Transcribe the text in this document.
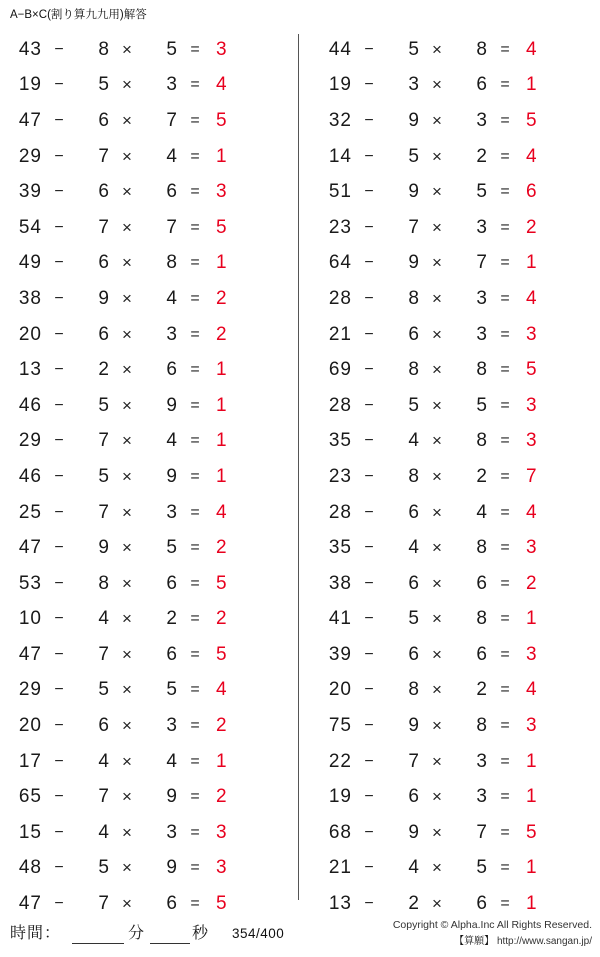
A−B×C(割り算九九用)解答
43 −	8 ×	5 = 3
19 −	5 ×	3 = 4
47 −	6 ×	7 = 5
29 −	7 ×	4 = 1
39 −	6 ×	6 = 3
54 −	7 ×	7 = 5
49 −	6 ×	8 = 1
38 −	9 ×	4 = 2
20 −	6 ×	3 = 2
13 −	2 ×	6 = 1
46 −	5 ×	9 = 1
29 −	7 ×	4 = 1
46 −	5 ×	9 = 1
25 −	7 ×	3 = 4
47 −	9 ×	5 = 2
53 −	8 ×	6 = 5
10 −	4 ×	2 = 2
47 −	7 ×	6 = 5
29 −	5 ×	5 = 4
20 −	6 ×	3 = 2
17 −	4 ×	4 = 1
65 −	7 ×	9 = 2
15 −	4 ×	3 = 3
48 −	5 ×	9 = 3
47 −	7 ×	6 = 5
44 −	5 ×	8 = 4
19 −	3 ×	6 = 1
32 −	9 ×	3 = 5
14 −	5 ×	2 = 4
51 −	9 ×	5 = 6
23 −	7 ×	3 = 2
64 −	9 ×	7 = 1
28 −	8 ×	3 = 4
21 −	6 ×	3 = 3
69 −	8 ×	8 = 5
28 −	5 ×	5 = 3
35 −	4 ×	8 = 3
23 −	8 ×	2 = 7
28 −	6 ×	4 = 4
35 −	4 ×	8 = 3
38 −	6 ×	6 = 2
41 −	5 ×	8 = 1
39 −	6 ×	6 = 3
20 −	8 ×	2 = 4
75 −	9 ×	8 = 3
22 −	7 ×	3 = 1
19 −	6 ×	3 = 1
68 −	9 ×	7 = 5
21 −	4 ×	5 = 1
13 −	2 ×	6 = 1
時間：	分	秒 354/400
Copyright © Alpha.Inc All Rights Reserved.
【算願】 http://www.sangan.jp/
